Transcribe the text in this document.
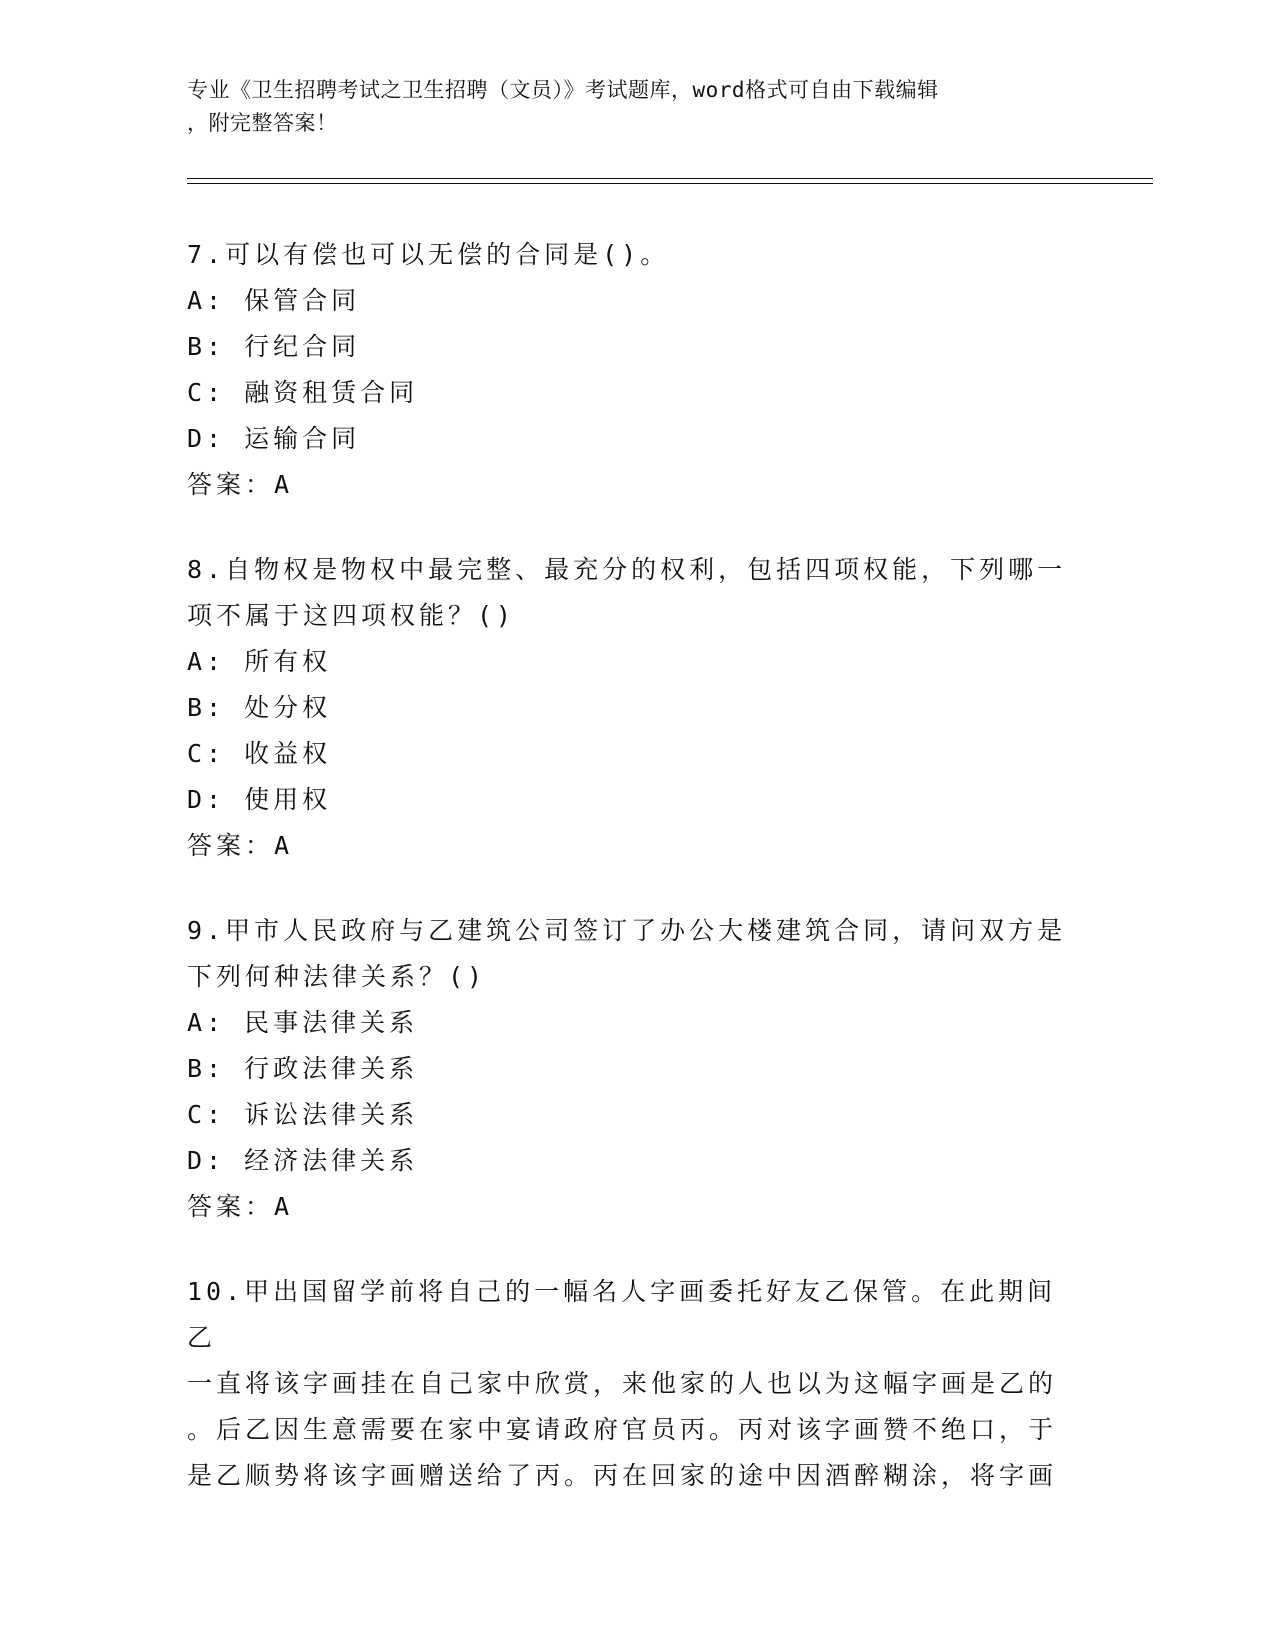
专业《卫生招聘考试之卫生招聘（文员）》考试题库，word格式可自由下载编辑
，附完整答案！

7.可以有偿也可以无偿的合同是()。

A: 保管合同
B: 行纪合同
C: 融资租赁合同
D: 运输合同
答案：A

8.自物权是物权中最完整、最充分的权利，包括四项权能，下列哪一

项不属于这四项权能？()

A: 所有权
B: 处分权
C: 收益权
D: 使用权
答案：A

9.甲市人民政府与乙建筑公司签订了办公大楼建筑合同，请问双方是

下列何种法律关系？()

A: 民事法律关系
B: 行政法律关系
C: 诉讼法律关系
D: 经济法律关系
答案：A

10.甲出国留学前将自己的一幅名人字画委托好友乙保管。在此期间乙

一直将该字画挂在自己家中欣赏，来他家的人也以为这幅字画是乙的

。后乙因生意需要在家中宴请政府官员丙。丙对该字画赞不绝口，于

是乙顺势将该字画赠送给了丙。丙在回家的途中因酒醉糊涂，将字画
